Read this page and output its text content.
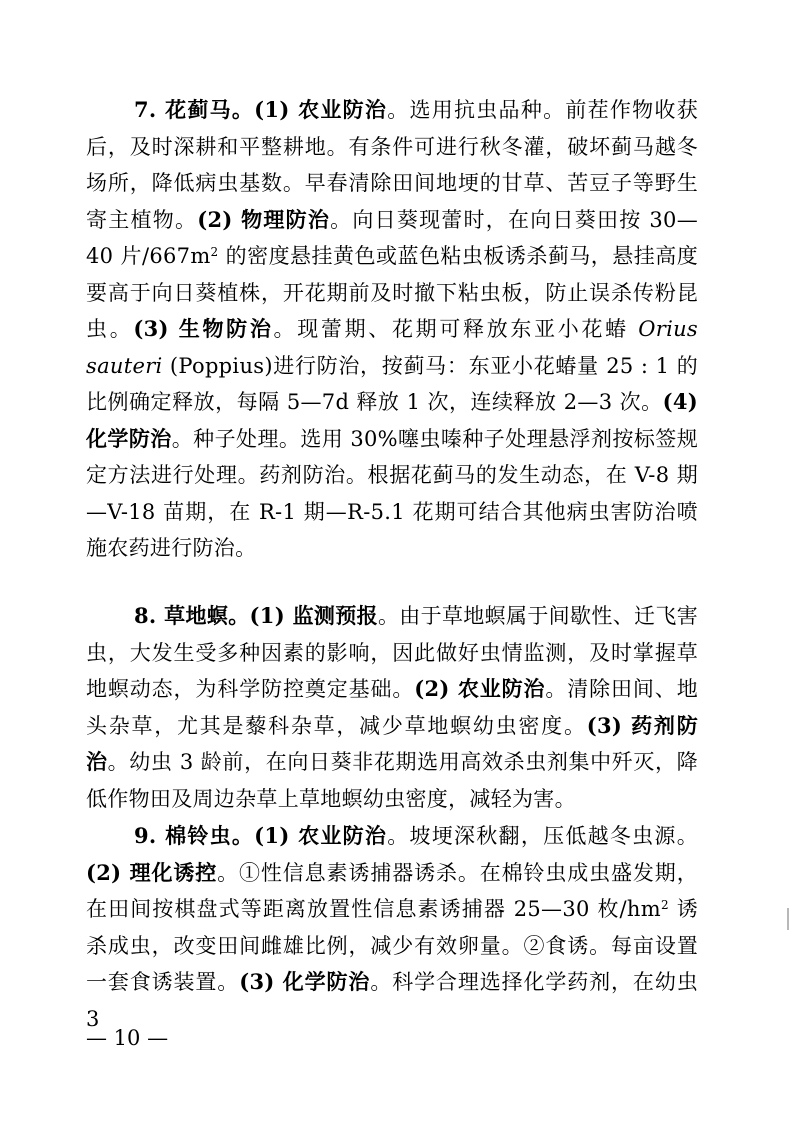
7. 花蓟马。(1) 农业防治。选用抗虫品种。前茬作物收获后，及时深耕和平整耕地。有条件可进行秋冬灌，破坏蓟马越冬场所，降低病虫基数。早春清除田间地埂的甘草、苦豆子等野生寄主植物。(2) 物理防治。向日葵现蕾时，在向日葵田按 30—40 片$/667m^2$ 的密度悬挂黄色或蓝色粘虫板诱杀蓟马，悬挂高度要高于向日葵植株，开花期前及时撤下粘虫板，防止误杀传粉昆虫。(3) 生物防治。现蕾期、花期可释放东亚小花蝽 Orius sauteri (Poppius)进行防治，按蓟马：东亚小花蝽量 25 : 1 的比例确定释放，每隔 5—7d 释放 1 次，连续释放 2—3 次。(4) 化学防治。种子处理。选用 30%噻虫嗪种子处理悬浮剂按标签规定方法进行处理。药剂防治。根据花蓟马的发生动态，在 V-8 期—V-18 苗期，在 R-1 期—R-5.1 花期可结合其他病虫害防治喷施农药进行防治。

8. 草地螟。(1) 监测预报。由于草地螟属于间歇性、迁飞害虫，大发生受多种因素的影响，因此做好虫情监测，及时掌握草地螟动态，为科学防控奠定基础。(2) 农业防治。清除田间、地头杂草，尤其是藜科杂草，减少草地螟幼虫密度。(3) 药剂防治。幼虫 3 龄前，在向日葵非花期选用高效杀虫剂集中歼灭，降低作物田及周边杂草上草地螟幼虫密度，减轻为害。

9. 棉铃虫。(1) 农业防治。坡埂深秋翻，压低越冬虫源。(2) 理化诱控。①性信息素诱捕器诱杀。在棉铃虫成虫盛发期，在田间按棋盘式等距离放置性信息素诱捕器 25—30 枚$/hm^2$ 诱杀成虫，改变田间雌雄比例，减少有效卵量。②食诱。每亩设置一套食诱装置。(3) 化学防治。科学合理选择化学药剂，在幼虫 3

— 10 —
